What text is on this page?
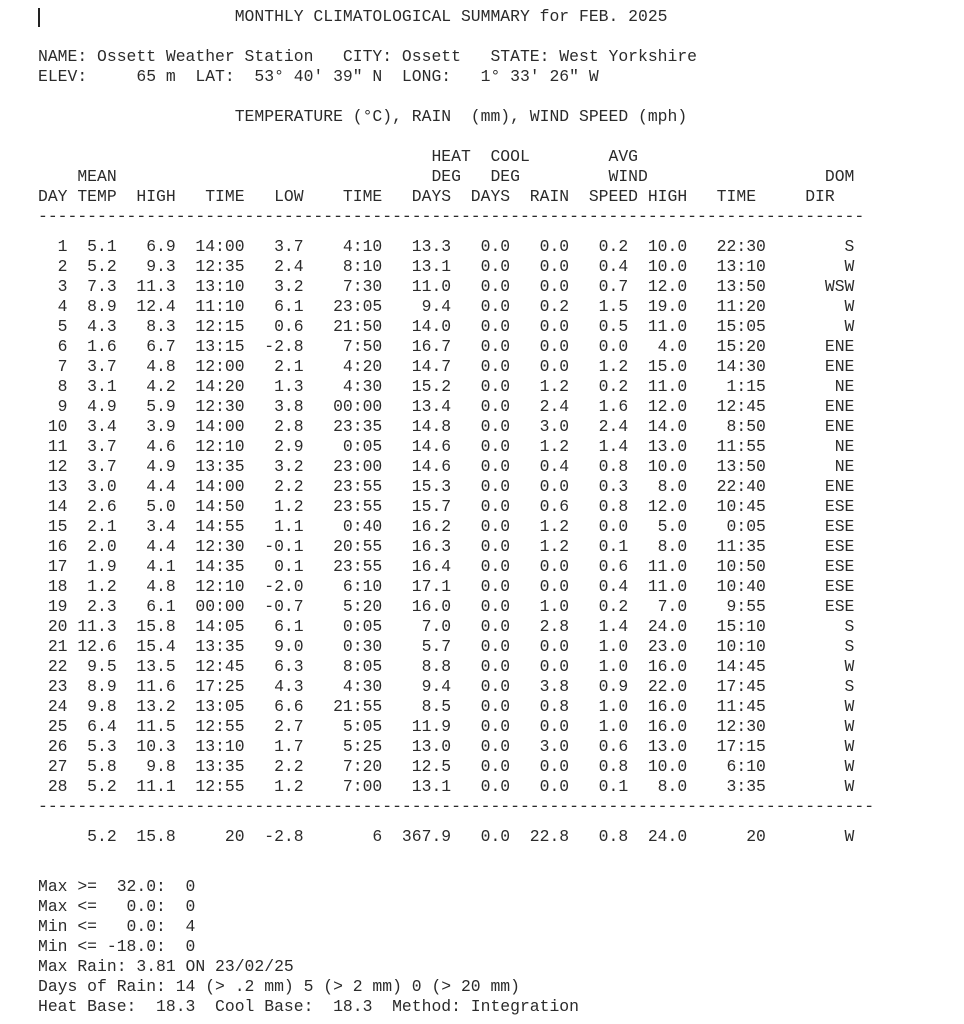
MONTHLY CLIMATOLOGICAL SUMMARY for FEB. 2025

NAME: Ossett Weather Station   CITY: Ossett   STATE: West Yorkshire
ELEV:     65 m  LAT:  53° 40' 39" N  LONG:   1° 33' 26" W

TEMPERATURE (°C), RAIN  (mm), WIND SPEED (mph)

HEAT  COOL        AVG
MEAN                                DEG   DEG         WIND                  DOM
DAY TEMP  HIGH   TIME   LOW    TIME   DAYS  DAYS  RAIN  SPEED HIGH   TIME     DIR
------------------------------------------------------------------------------------

1  5.1   6.9  14:00   3.7    4:10   13.3   0.0   0.0   0.2  10.0   22:30        S
2  5.2   9.3  12:35   2.4    8:10   13.1   0.0   0.0   0.4  10.0   13:10        W
3  7.3  11.3  13:10   3.2    7:30   11.0   0.0   0.0   0.7  12.0   13:50      WSW
4  8.9  12.4  11:10   6.1   23:05    9.4   0.0   0.2   1.5  19.0   11:20        W
5  4.3   8.3  12:15   0.6   21:50   14.0   0.0   0.0   0.5  11.0   15:05        W
6  1.6   6.7  13:15  -2.8    7:50   16.7   0.0   0.0   0.0   4.0   15:20      ENE
7  3.7   4.8  12:00   2.1    4:20   14.7   0.0   0.0   1.2  15.0   14:30      ENE
8  3.1   4.2  14:20   1.3    4:30   15.2   0.0   1.2   0.2  11.0    1:15       NE
9  4.9   5.9  12:30   3.8   00:00   13.4   0.0   2.4   1.6  12.0   12:45      ENE
10  3.4   3.9  14:00   2.8   23:35   14.8   0.0   3.0   2.4  14.0    8:50      ENE
11  3.7   4.6  12:10   2.9    0:05   14.6   0.0   1.2   1.4  13.0   11:55       NE
12  3.7   4.9  13:35   3.2   23:00   14.6   0.0   0.4   0.8  10.0   13:50       NE
13  3.0   4.4  14:00   2.2   23:55   15.3   0.0   0.0   0.3   8.0   22:40      ENE
14  2.6   5.0  14:50   1.2   23:55   15.7   0.0   0.6   0.8  12.0   10:45      ESE
15  2.1   3.4  14:55   1.1    0:40   16.2   0.0   1.2   0.0   5.0    0:05      ESE
16  2.0   4.4  12:30  -0.1   20:55   16.3   0.0   1.2   0.1   8.0   11:35      ESE
17  1.9   4.1  14:35   0.1   23:55   16.4   0.0   0.0   0.6  11.0   10:50      ESE
18  1.2   4.8  12:10  -2.0    6:10   17.1   0.0   0.0   0.4  11.0   10:40      ESE
19  2.3   6.1  00:00  -0.7    5:20   16.0   0.0   1.0   0.2   7.0    9:55      ESE
20 11.3  15.8  14:05   6.1    0:05    7.0   0.0   2.8   1.4  24.0   15:10        S
21 12.6  15.4  13:35   9.0    0:30    5.7   0.0   0.0   1.0  23.0   10:10        S
22  9.5  13.5  12:45   6.3    8:05    8.8   0.0   0.0   1.0  16.0   14:45        W
23  8.9  11.6  17:25   4.3    4:30    9.4   0.0   3.8   0.9  22.0   17:45        S
24  9.8  13.2  13:05   6.6   21:55    8.5   0.0   0.8   1.0  16.0   11:45        W
25  6.4  11.5  12:55   2.7    5:05   11.9   0.0   0.0   1.0  16.0   12:30        W
26  5.3  10.3  13:10   1.7    5:25   13.0   0.0   3.0   0.6  13.0   17:15        W
27  5.8   9.8  13:35   2.2    7:20   12.5   0.0   0.0   0.8  10.0    6:10        W
28  5.2  11.1  12:55   1.2    7:00   13.1   0.0   0.0   0.1   8.0    3:35        W
-------------------------------------------------------------------------------------

5.2  15.8     20  -2.8       6  367.9   0.0  22.8   0.8  24.0      20        W

Max >=  32.0:  0
Max <=   0.0:  0
Min <=   0.0:  4
Min <= -18.0:  0
Max Rain: 3.81 ON 23/02/25
Days of Rain: 14 (> .2 mm) 5 (> 2 mm) 0 (> 20 mm)
Heat Base:  18.3  Cool Base:  18.3  Method: Integration
